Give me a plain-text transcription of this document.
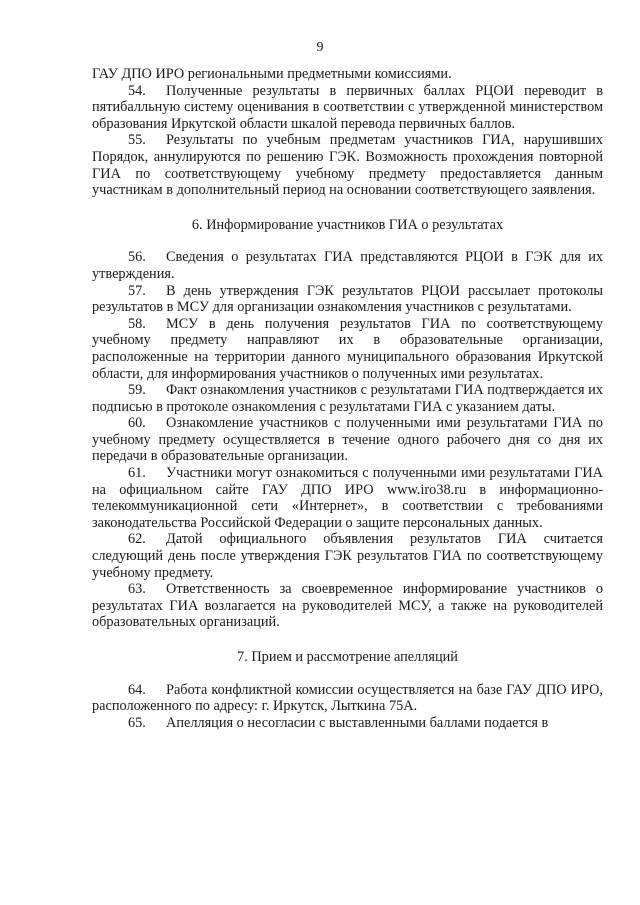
9

ГАУ ДПО ИРО региональными предметными комиссиями.

54. Полученные результаты в первичных баллах РЦОИ переводит в пятибалльную систему оценивания в соответствии с утвержденной министерством образования Иркутской области шкалой перевода первичных баллов.

55. Результаты по учебным предметам участников ГИА, нарушивших Порядок, аннулируются по решению ГЭК. Возможность прохождения повторной ГИА по соответствующему учебному предмету предоставляется данным участникам в дополнительный период на основании соответствующего заявления.

6. Информирование участников ГИА о результатах

56. Сведения о результатах ГИА представляются РЦОИ в ГЭК для их утверждения.

57. В день утверждения ГЭК результатов РЦОИ рассылает протоколы результатов в МСУ для организации ознакомления участников с результатами.

58. МСУ в день получения результатов ГИА по соответствующему учебному предмету направляют их в образовательные организации, расположенные на территории данного муниципального образования Иркутской области, для информирования участников о полученных ими результатах.

59. Факт ознакомления участников с результатами ГИА подтверждается их подписью в протоколе ознакомления с результатами ГИА с указанием даты.

60. Ознакомление участников с полученными ими результатами ГИА по учебному предмету осуществляется в течение одного рабочего дня со дня их передачи в образовательные организации.

61. Участники могут ознакомиться с полученными ими результатами ГИА на официальном сайте ГАУ ДПО ИРО www.iro38.ru в информационно-телекоммуникационной сети «Интернет», в соответствии с требованиями законодательства Российской Федерации о защите персональных данных.

62. Датой официального объявления результатов ГИА считается следующий день после утверждения ГЭК результатов ГИА по соответствующему учебному предмету.

63. Ответственность за своевременное информирование участников о результатах ГИА возлагается на руководителей МСУ, а также на руководителей образовательных организаций.

7. Прием и рассмотрение апелляций

64. Работа конфликтной комиссии осуществляется на базе ГАУ ДПО ИРО, расположенного по адресу: г. Иркутск, Лыткина 75А.

65. Апелляция о несогласии с выставленными баллами подается в
